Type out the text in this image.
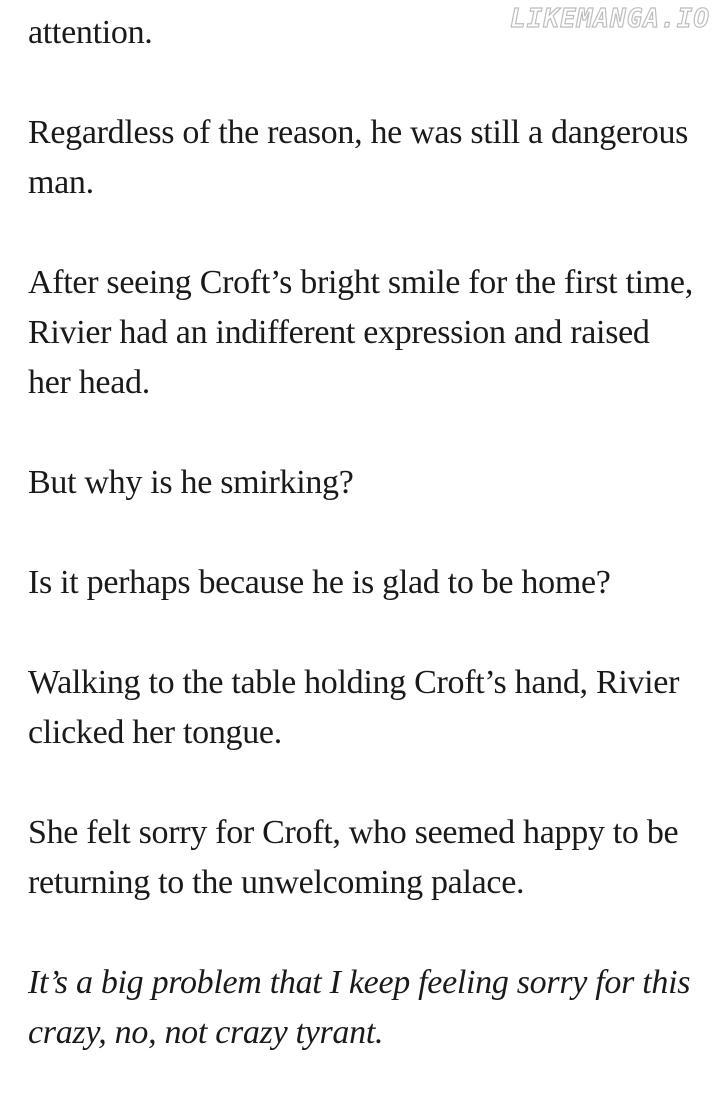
LIKEMANGA.IO

attention.

Regardless of the reason, he was still a dangerous man.

After seeing Croft’s bright smile for the first time, Rivier had an indifferent expression and raised her head.

But why is he smirking?

Is it perhaps because he is glad to be home?

Walking to the table holding Croft’s hand, Rivier clicked her tongue.

She felt sorry for Croft, who seemed happy to be returning to the unwelcoming palace.

It’s a big problem that I keep feeling sorry for this crazy, no, not crazy tyrant.
